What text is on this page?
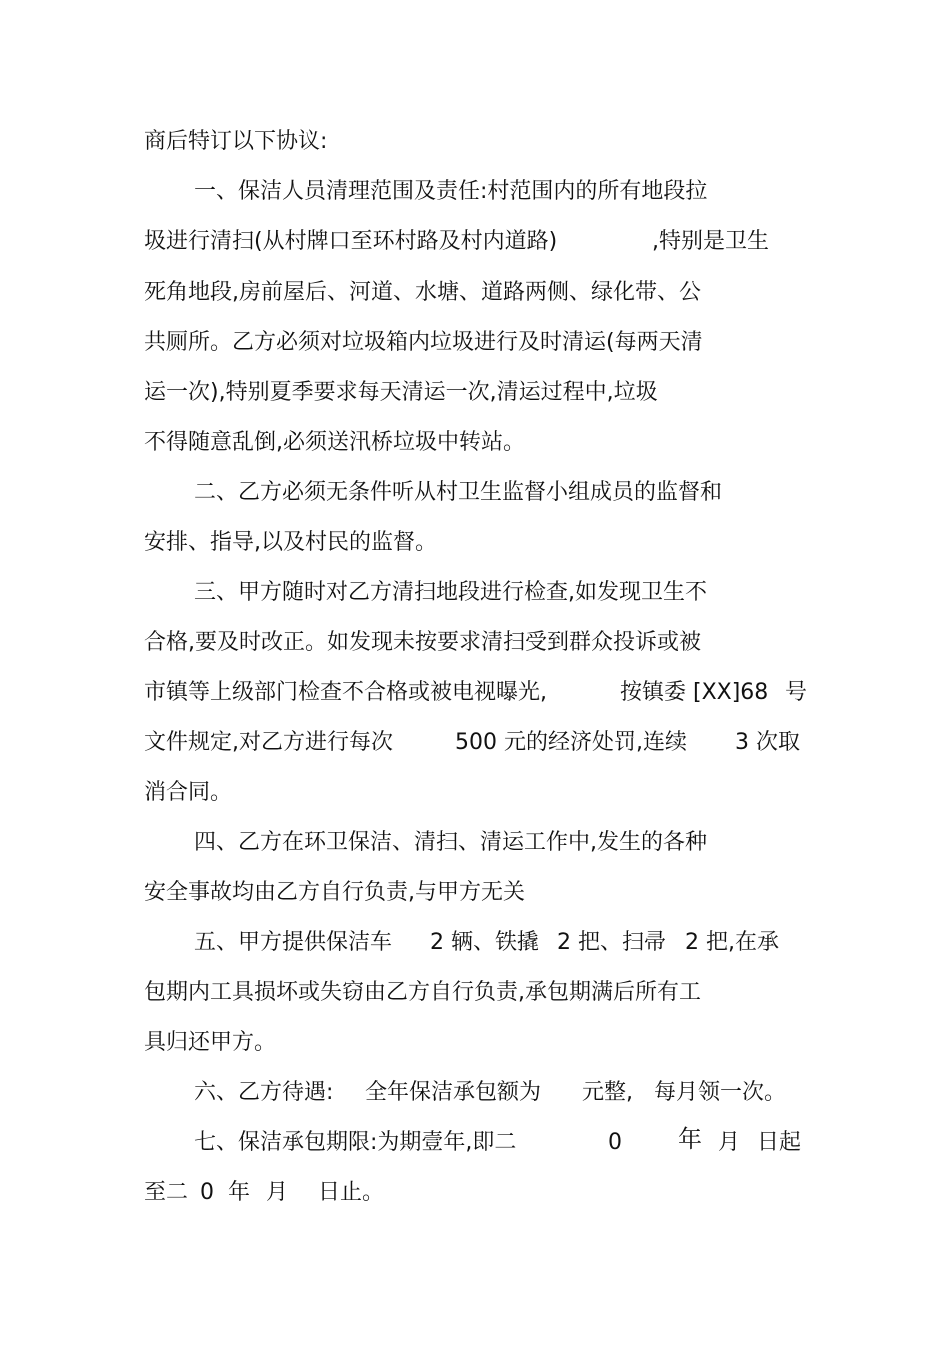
商后特订以下协议:

一、保洁人员清理范围及责任:村范围内的所有地段拉

圾进行清扫(从村牌口至环村路及村内道路)

	,特别是卫生

死角地段,房前屋后、河道、水塘、道路两侧、绿化带、公

共厕所。乙方必须对垃圾箱内垃圾进行及时清运(每两天清

运一次),特别夏季要求每天清运一次,清运过程中,垃圾

不得随意乱倒,必须送汛桥垃圾中转站。

二、乙方必须无条件听从村卫生监督小组成员的监督和

安排、指导,以及村民的监督。

三、甲方随时对乙方清扫地段进行检查,如发现卫生不

合格,要及时改正。如发现未按要求清扫受到群众投诉或被

市镇等上级部门检查不合格或被电视曝光,

	按镇委 [XX]68

号

文件规定,对乙方进行每次

	500 元的经济处罚,连续

3 次取

消合同。

四、乙方在环卫保洁、清扫、清运工作中,发生的各种

安全事故均由乙方自行负责,与甲方无关

五、甲方提供保洁车

2 辆、铁撬

2 把、扫帚

2 把,在承

包期内工具损坏或失窃由乙方自行负责,承包期满后所有工

具归还甲方。

六、乙方待遇:

全年保洁承包额为

元整,

每月领一次。

七、保洁承包期限:为期壹年,即二

	0

年

月

日起

至二

0

年

月

日止。
